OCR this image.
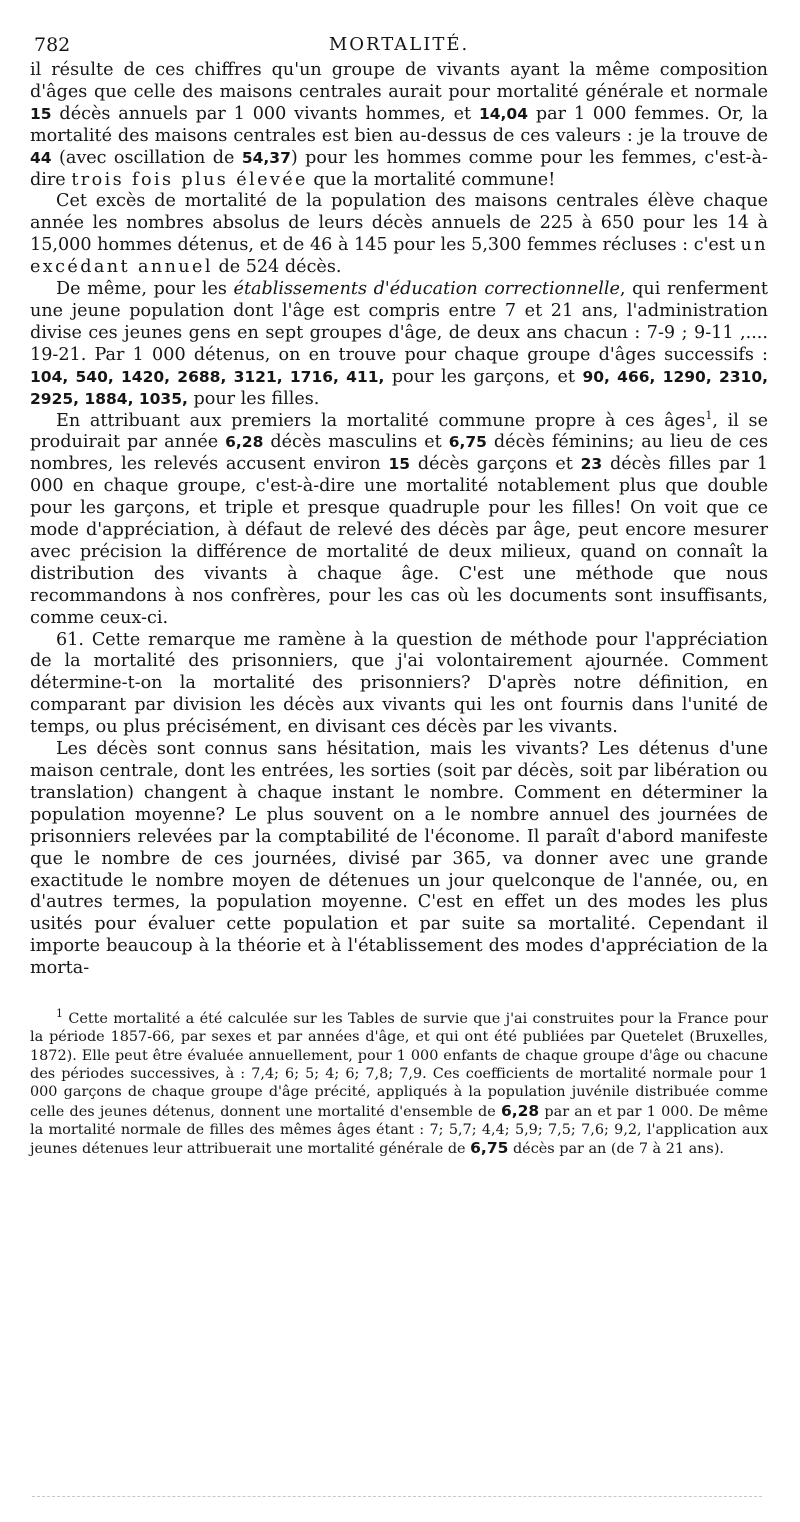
782	MORTALITÉ.

il résulte de ces chiffres qu'un groupe de vivants ayant la même composition d'âges que celle des maisons centrales aurait pour mortalité générale et normale 15 décès annuels par 1 000 vivants hommes, et 14,04 par 1 000 femmes. Or, la mortalité des maisons centrales est bien au-dessus de ces valeurs : je la trouve de 44 (avec oscillation de 54,37) pour les hommes comme pour les femmes, c'est-à-dire trois fois plus élevée que la mortalité commune!

Cet excès de mortalité de la population des maisons centrales élève chaque année les nombres absolus de leurs décès annuels de 225 à 650 pour les 14 à 15,000 hommes détenus, et de 46 à 145 pour les 5,300 femmes récluses : c'est un excédant annuel de 524 décès.

De même, pour les établissements d'éducation correctionnelle, qui renferment une jeune population dont l'âge est compris entre 7 et 21 ans, l'administration divise ces jeunes gens en sept groupes d'âge, de deux ans chacun : 7-9 ; 9-11 ,.... 19-21. Par 1 000 détenus, on en trouve pour chaque groupe d'âges successifs : 104, 540, 1420, 2688, 3121, 1716, 411, pour les garçons, et 90, 466, 1290, 2310, 2925, 1884, 1035, pour les filles.

En attribuant aux premiers la mortalité commune propre à ces âges$^1$, il se produirait par année 6,28 décès masculins et 6,75 décès féminins; au lieu de ces nombres, les relevés accusent environ 15 décès garçons et 23 décès filles par 1 000 en chaque groupe, c'est-à-dire une mortalité notablement plus que double pour les garçons, et triple et presque quadruple pour les filles! On voit que ce mode d'appréciation, à défaut de relevé des décès par âge, peut encore mesurer avec précision la différence de mortalité de deux milieux, quand on connaît la distribution des vivants à chaque âge. C'est une méthode que nous recommandons à nos confrères, pour les cas où les documents sont insuffisants, comme ceux-ci.

61. Cette remarque me ramène à la question de méthode pour l'appréciation de la mortalité des prisonniers, que j'ai volontairement ajournée. Comment détermine-t-on la mortalité des prisonniers? D'après notre définition, en comparant par division les décès aux vivants qui les ont fournis dans l'unité de temps, ou plus précisément, en divisant ces décès par les vivants.

Les décès sont connus sans hésitation, mais les vivants? Les détenus d'une maison centrale, dont les entrées, les sorties (soit par décès, soit par libération ou translation) changent à chaque instant le nombre. Comment en déterminer la population moyenne? Le plus souvent on a le nombre annuel des journées de prisonniers relevées par la comptabilité de l'économe. Il paraît d'abord manifeste que le nombre de ces journées, divisé par 365, va donner avec une grande exactitude le nombre moyen de détenues un jour quelconque de l'année, ou, en d'autres termes, la population moyenne. C'est en effet un des modes les plus usités pour évaluer cette population et par suite sa mortalité. Cependant il importe beaucoup à la théorie et à l'établissement des modes d'appréciation de la morta-

$^1$ Cette mortalité a été calculée sur les Tables de survie que j'ai construites pour la France pour la période 1857-66, par sexes et par années d'âge, et qui ont été publiées par Quetelet (Bruxelles, 1872). Elle peut être évaluée annuellement, pour 1 000 enfants de chaque groupe d'âge ou chacune des périodes successives, à : 7,4; 6; 5; 4; 6; 7,8; 7,9. Ces coefficients de mortalité normale pour 1 000 garçons de chaque groupe d'âge précité, appliqués à la population juvénile distribuée comme celle des jeunes détenus, donnent une mortalité d'ensemble de 6,28 par an et par 1 000. De même la mortalité normale de filles des mêmes âges étant : 7; 5,7; 4,4; 5,9; 7,5; 7,6; 9,2, l'application aux jeunes détenues leur attribuerait une mortalité générale de 6,75 décès par an (de 7 à 21 ans).
